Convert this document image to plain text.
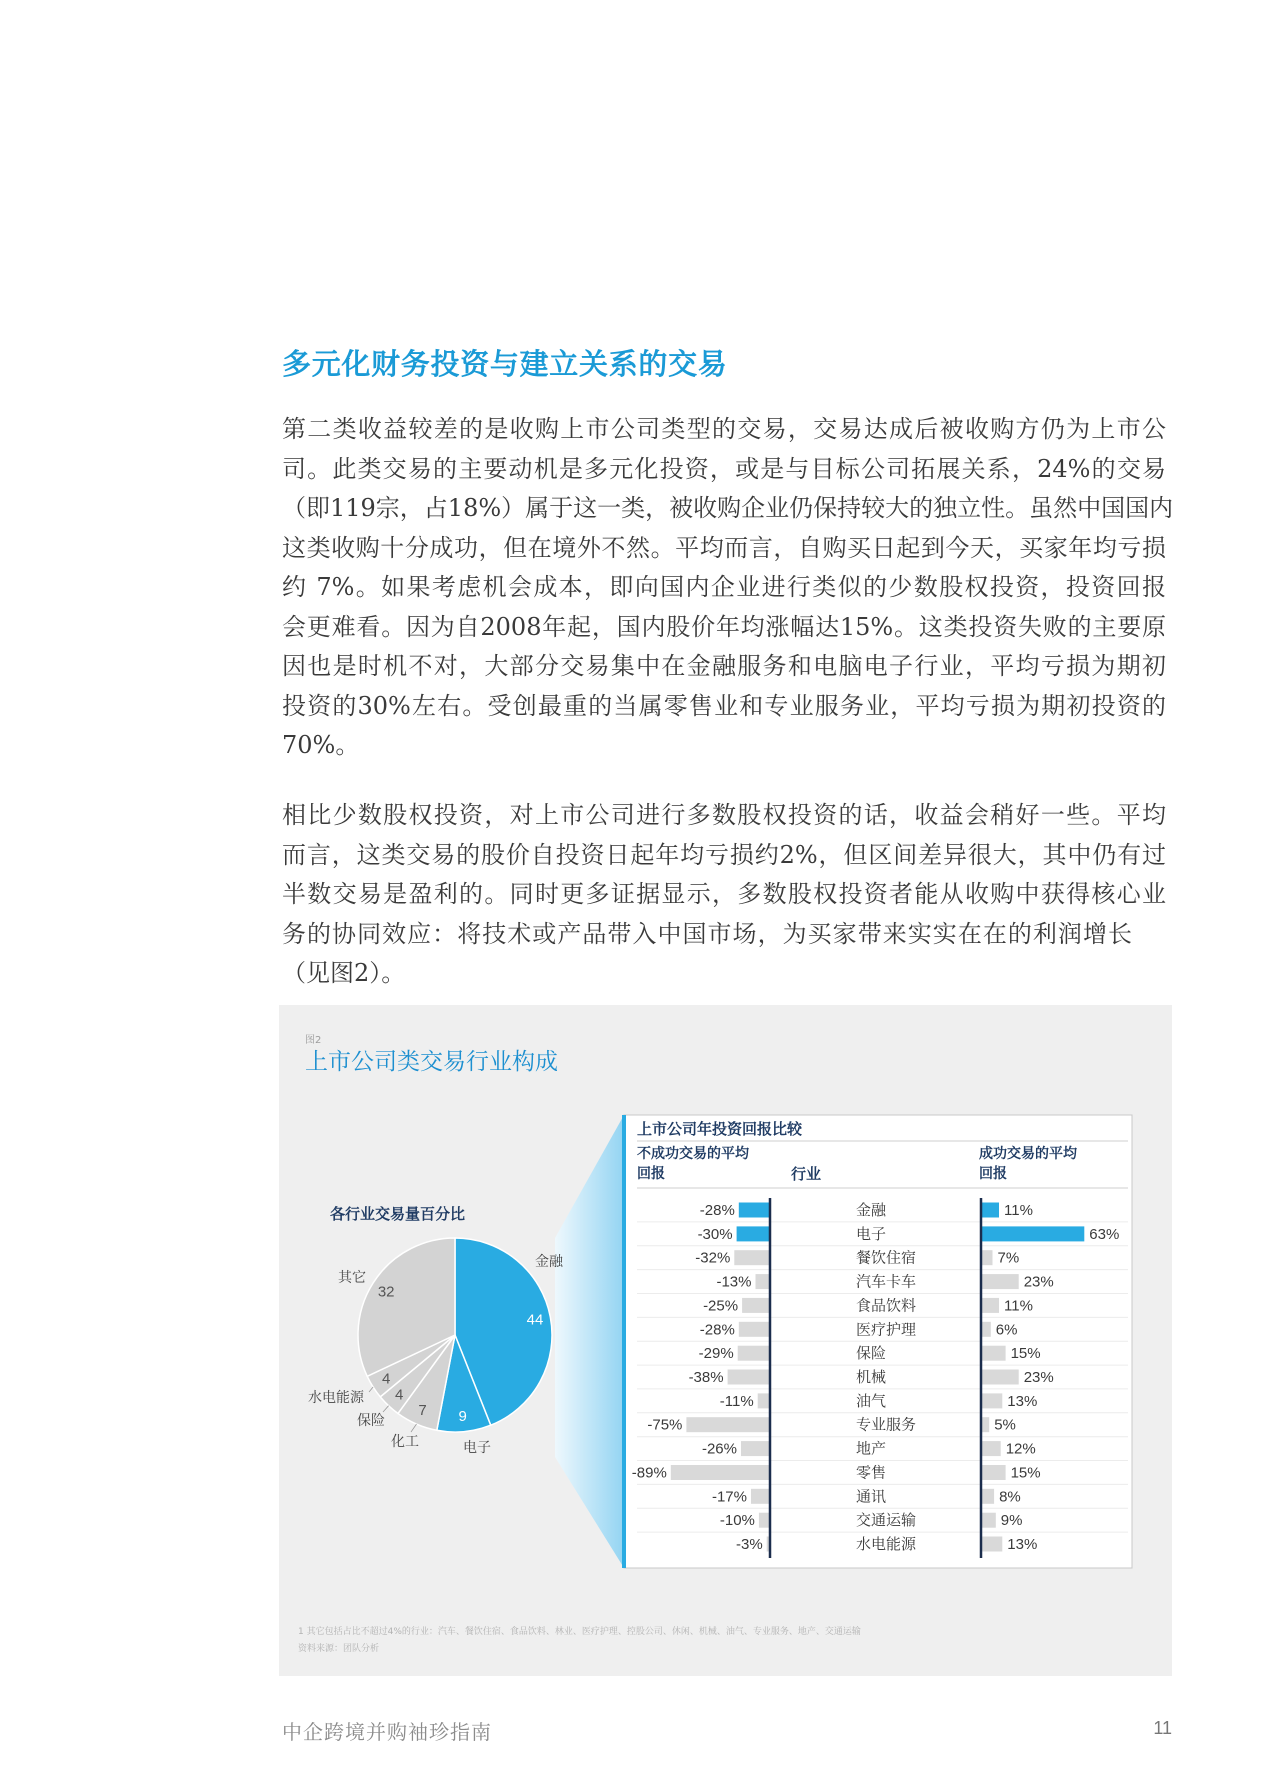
多元化财务投资与建立关系的交易
第二类收益较差的是收购上市公司类型的交易，交易达成后被收购方仍为上市公
司。此类交易的主要动机是多元化投资，或是与目标公司拓展关系，24%的交易
（即119宗，占18%）属于这一类，被收购企业仍保持较大的独立性。虽然中国国内
这类收购十分成功，但在境外不然。平均而言，自购买日起到今天，买家年均亏损
约 7%。如果考虑机会成本，即向国内企业进行类似的少数股权投资，投资回报
会更难看。因为自2008年起，国内股价年均涨幅达15%。这类投资失败的主要原
因也是时机不对，大部分交易集中在金融服务和电脑电子行业，平均亏损为期初
投资的30%左右。受创最重的当属零售业和专业服务业，平均亏损为期初投资的
70%。
相比少数股权投资，对上市公司进行多数股权投资的话，收益会稍好一些。平均
而言，这类交易的股价自投资日起年均亏损约2%，但区间差异很大，其中仍有过
半数交易是盈利的。同时更多证据显示，多数股权投资者能从收购中获得核心业
务的协同效应：将技术或产品带入中国市场，为买家带来实实在在的利润增长
（见图2）。
上市公司年投资回报比较
行业
各行业交易量百分比
44
金融
9
电子
7
化工
4
保险
4
水电能源
32
其它
-28%	金融	11%
-30%	电子	63%
-32%	餐饮住宿	7%
-13%	汽车卡车	23%
-25%	食品饮料	11%
-28%	医疗护理	6%
-29%	保险	15%
-38%	机械	23%
-11%	油气	13%
-75%	专业服务	5%
-26%	地产	12%
-89%	零售	15%
-17%	通讯	8%
-10%	交通运输	9%
-3%	水电能源	13%
图2
上市公司类交易行业构成
不成功交易的平均回报
成功交易的平均回报
1 其它包括占比不超过4%的行业：汽车、餐饮住宿、食品饮料、林业、医疗护理、控股公司、休闲、机械、油气、专业服务、地产、交通运输
资料来源：团队分析
中企跨境并购袖珍指南	11
